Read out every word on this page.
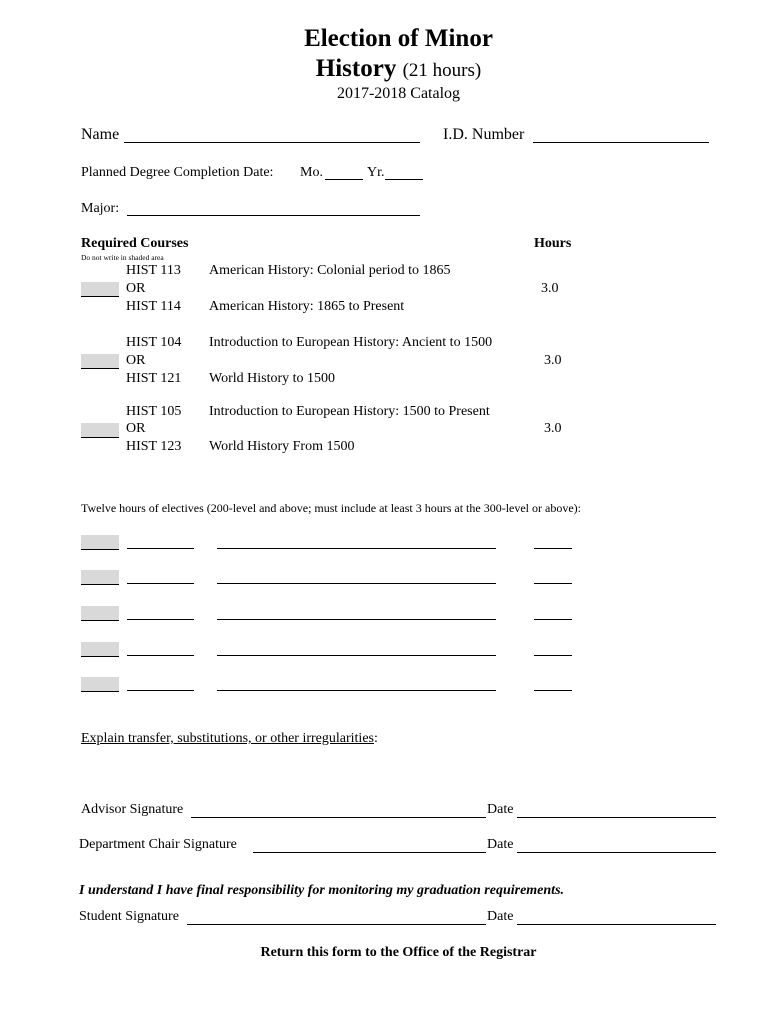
Election of Minor
History (21 hours)
2017-2018 Catalog
Name	I.D. Number
Planned Degree Completion Date: Mo.	Yr.
Major:
Required Courses	Hours
Do not write in shaded area
HIST 113 American History: Colonial period to 1865
OR	3.0
HIST 114 American History: 1865 to Present
HIST 104 Introduction to European History: Ancient to 1500
OR	3.0
HIST 121 World History to 1500
HIST 105 Introduction to European History: 1500 to Present
OR	3.0
HIST 123 World History From 1500
Twelve hours of electives (200-level and above; must include at least 3 hours at the 300-level or above):
Explain transfer, substitutions, or other irregularities:
Advisor Signature	Date
Department Chair Signature	Date
I understand I have final responsibility for monitoring my graduation requirements.
Student Signature	Date
Return this form to the Office of the Registrar
